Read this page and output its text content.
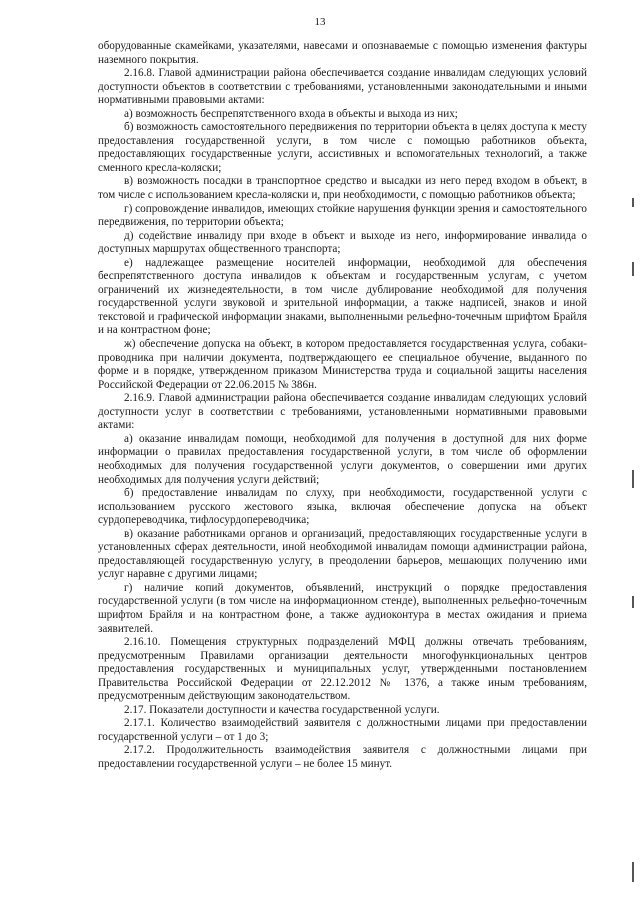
13

оборудованные скамейками, указателями, навесами и опознаваемые с помощью изменения фактуры наземного покрытия.

2.16.8. Главой администрации района обеспечивается создание инвалидам следующих условий доступности объектов в соответствии с требованиями, установленными законодательными и иными нормативными правовыми актами:

а) возможность беспрепятственного входа в объекты и выхода из них;

б) возможность самостоятельного передвижения по территории объекта в целях доступа к месту предоставления государственной услуги, в том числе с помощью работников объекта, предоставляющих государственные услуги, ассистивных и вспомогательных технологий, а также сменного кресла-коляски;

в) возможность посадки в транспортное средство и высадки из него перед входом в объект, в том числе с использованием кресла-коляски и, при необходимости, с помощью работников объекта;

г) сопровождение инвалидов, имеющих стойкие нарушения функции зрения и самостоятельного передвижения, по территории объекта;

д) содействие инвалиду при входе в объект и выходе из него, информирование инвалида о доступных маршрутах общественного транспорта;

е) надлежащее размещение носителей информации, необходимой для обеспечения беспрепятственного доступа инвалидов к объектам и государственным услугам, с учетом ограничений их жизнедеятельности, в том числе дублирование необходимой для получения государственной услуги звуковой и зрительной информации, а также надписей, знаков и иной текстовой и графической информации знаками, выполненными рельефно-точечным шрифтом Брайля и на контрастном фоне;

ж) обеспечение допуска на объект, в котором предоставляется государственная услуга, собаки-проводника при наличии документа, подтверждающего ее специальное обучение, выданного по форме и в порядке, утвержденном приказом Министерства труда и социальной защиты населения Российской Федерации от 22.06.2015 № 386н.

2.16.9. Главой администрации района обеспечивается создание инвалидам следующих условий доступности услуг в соответствии с требованиями, установленными нормативными правовыми актами:

а) оказание инвалидам помощи, необходимой для получения в доступной для них форме информации о правилах предоставления государственной услуги, в том числе об оформлении необходимых для получения государственной услуги документов, о совершении ими других необходимых для получения услуги действий;

б) предоставление инвалидам по слуху, при необходимости, государственной услуги с использованием русского жестового языка, включая обеспечение допуска на объект сурдопереводчика, тифлосурдопереводчика;

в) оказание работниками органов и организаций, предоставляющих государственные услуги в установленных сферах деятельности, иной необходимой инвалидам помощи администрации района, предоставляющей государственную услугу, в преодолении барьеров, мешающих получению ими услуг наравне с другими лицами;

г) наличие копий документов, объявлений, инструкций о порядке предоставления государственной услуги (в том числе на информационном стенде), выполненных рельефно-точечным шрифтом Брайля и на контрастном фоне, а также аудиоконтура в местах ожидания и приема заявителей.

2.16.10. Помещения структурных подразделений МФЦ должны отвечать требованиям, предусмотренным Правилами организации деятельности многофункциональных центров предоставления государственных и муниципальных услуг, утвержденными постановлением Правительства Российской Федерации от 22.12.2012 № 1376, а также иным требованиям, предусмотренным действующим законодательством.

2.17. Показатели доступности и качества государственной услуги.

2.17.1. Количество взаимодействий заявителя с должностными лицами при предоставлении государственной услуги – от 1 до 3;

2.17.2. Продолжительность взаимодействия заявителя с должностными лицами при предоставлении государственной услуги – не более 15 минут.
